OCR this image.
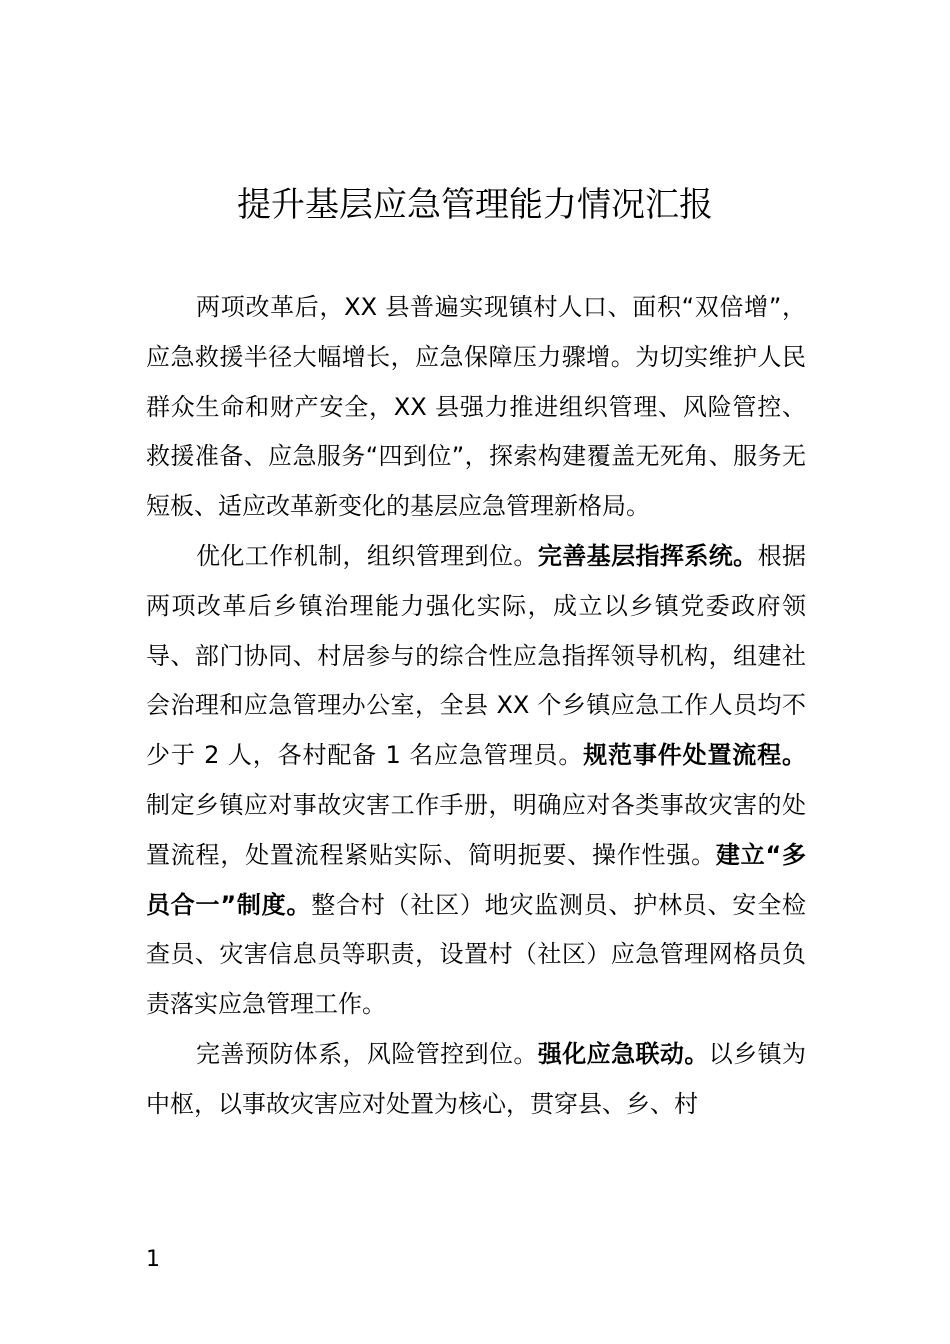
提升基层应急管理能力情况汇报

两项改革后，XX 县普遍实现镇村人口、面积“双倍增”，应急救援半径大幅增长，应急保障压力骤增。为切实维护人民群众生命和财产安全，XX 县强力推进组织管理、风险管控、救援准备、应急服务“四到位”，探索构建覆盖无死角、服务无短板、适应改革新变化的基层应急管理新格局。

优化工作机制，组织管理到位。完善基层指挥系统。根据两项改革后乡镇治理能力强化实际，成立以乡镇党委政府领导、部门协同、村居参与的综合性应急指挥领导机构，组建社会治理和应急管理办公室，全县 XX 个乡镇应急工作人员均不少于 2 人，各村配备 1 名应急管理员。规范事件处置流程。制定乡镇应对事故灾害工作手册，明确应对各类事故灾害的处置流程，处置流程紧贴实际、简明扼要、操作性强。建立“多员合一”制度。整合村（社区）地灾监测员、护林员、安全检查员、灾害信息员等职责，设置村（社区）应急管理网格员负责落实应急管理工作。

完善预防体系，风险管控到位。强化应急联动。以乡镇为中枢，以事故灾害应对处置为核心，贯穿县、乡、村

1
